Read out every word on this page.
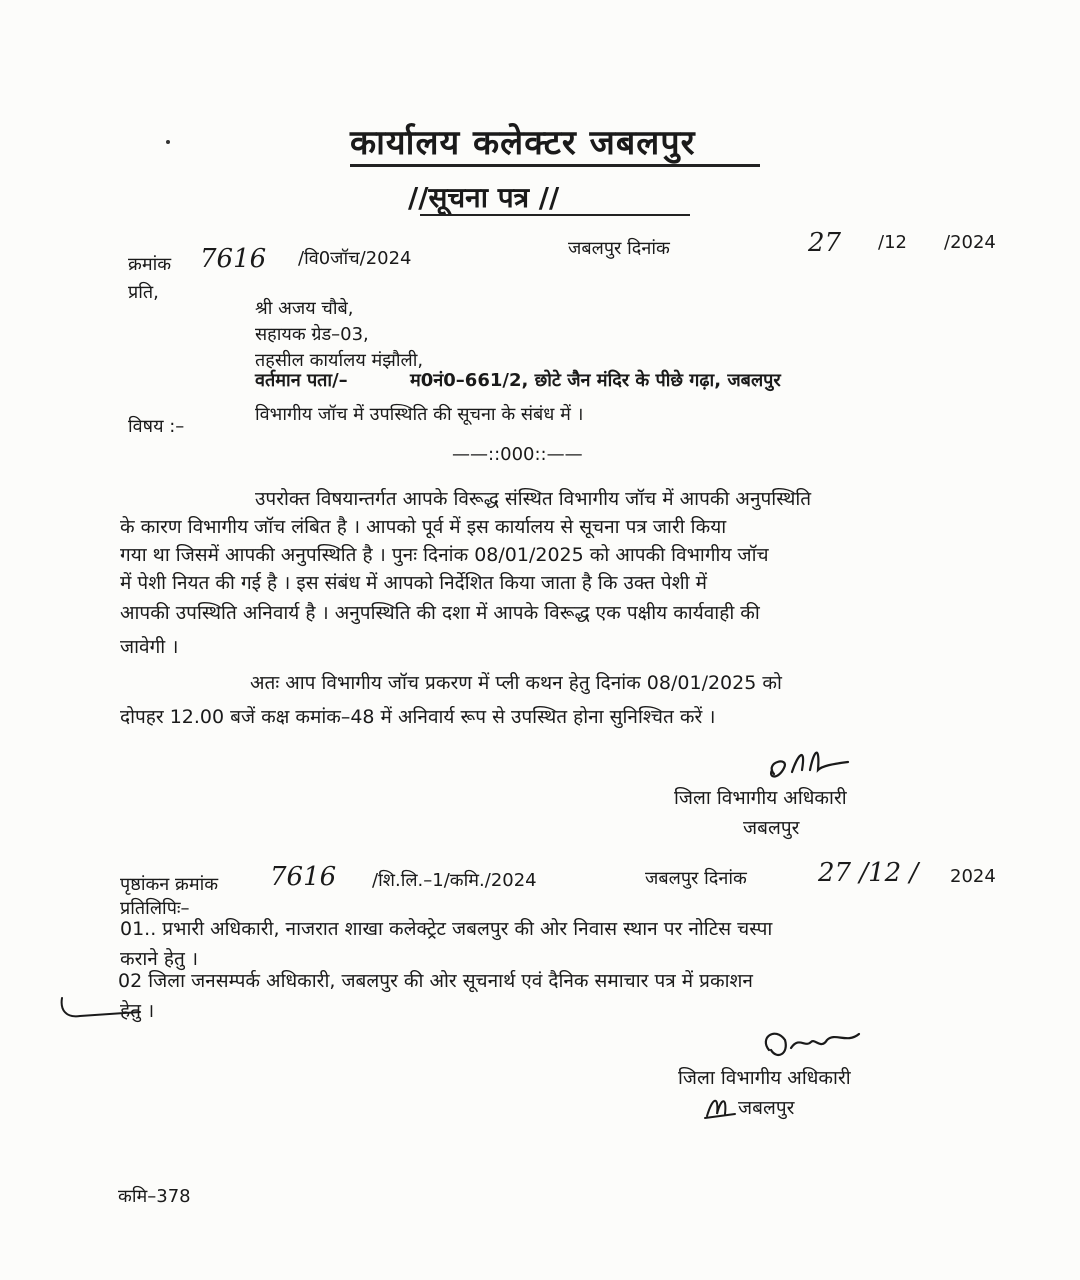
कार्यालय कलेक्टर जबलपुर
//सूचना पत्र //
क्रमांक 7616 /वि0जॉच/2024	जबलपुर दिनांक	27 /12 /2024
प्रति,
श्री अजय चौबे,
सहायक ग्रेड–03,
तहसील कार्यालय मंझौली,
वर्तमान पता/–	म0नं0–661/2, छोटे जैन मंदिर के पीछे गढ़ा, जबलपुर
विषय :–
विभागीय जॉच में उपस्थिति की सूचना के संबंध में ।
——::000::——
उपरोक्त विषयान्तर्गत आपके विरूद्ध संस्थित विभागीय जॉच में आपकी अनुपस्थिति
के कारण विभागीय जॉच लंबित है । आपको पूर्व में इस कार्यालय से सूचना पत्र जारी किया
गया था जिसमें आपकी अनुपस्थिति है । पुनः दिनांक 08/01/2025 को आपकी विभागीय जॉच
में पेशी नियत की गई है । इस संबंध में आपको निर्देशित किया जाता है कि उक्त पेशी में
आपकी उपस्थिति अनिवार्य है । अनुपस्थिति की दशा में आपके विरूद्ध एक पक्षीय कार्यवाही की
जावेगी ।
अतः आप विभागीय जॉच प्रकरण में प्ली कथन हेतु दिनांक 08/01/2025 को
दोपहर 12.00 बजें कक्ष कमांक–48 में अनिवार्य रूप से उपस्थित होना सुनिश्चित करें ।
जिला विभागीय अधिकारी
जबलपुर
पृष्ठांकन क्रमांक 7616 /शि.लि.–1/कमि./2024	जबलपुर दिनांक	27 /12 / 2024
प्रतिलिपिः–
01.. प्रभारी अधिकारी, नाजरात शाखा कलेक्ट्रेट जबलपुर की ओर निवास स्थान पर नोटिस चस्पा
कराने हेतु ।
02 जिला जनसम्पर्क अधिकारी, जबलपुर की ओर सूचनार्थ एवं दैनिक समाचार पत्र में प्रकाशन
हेतु ।
जिला विभागीय अधिकारी
जबलपुर
कमि–378
